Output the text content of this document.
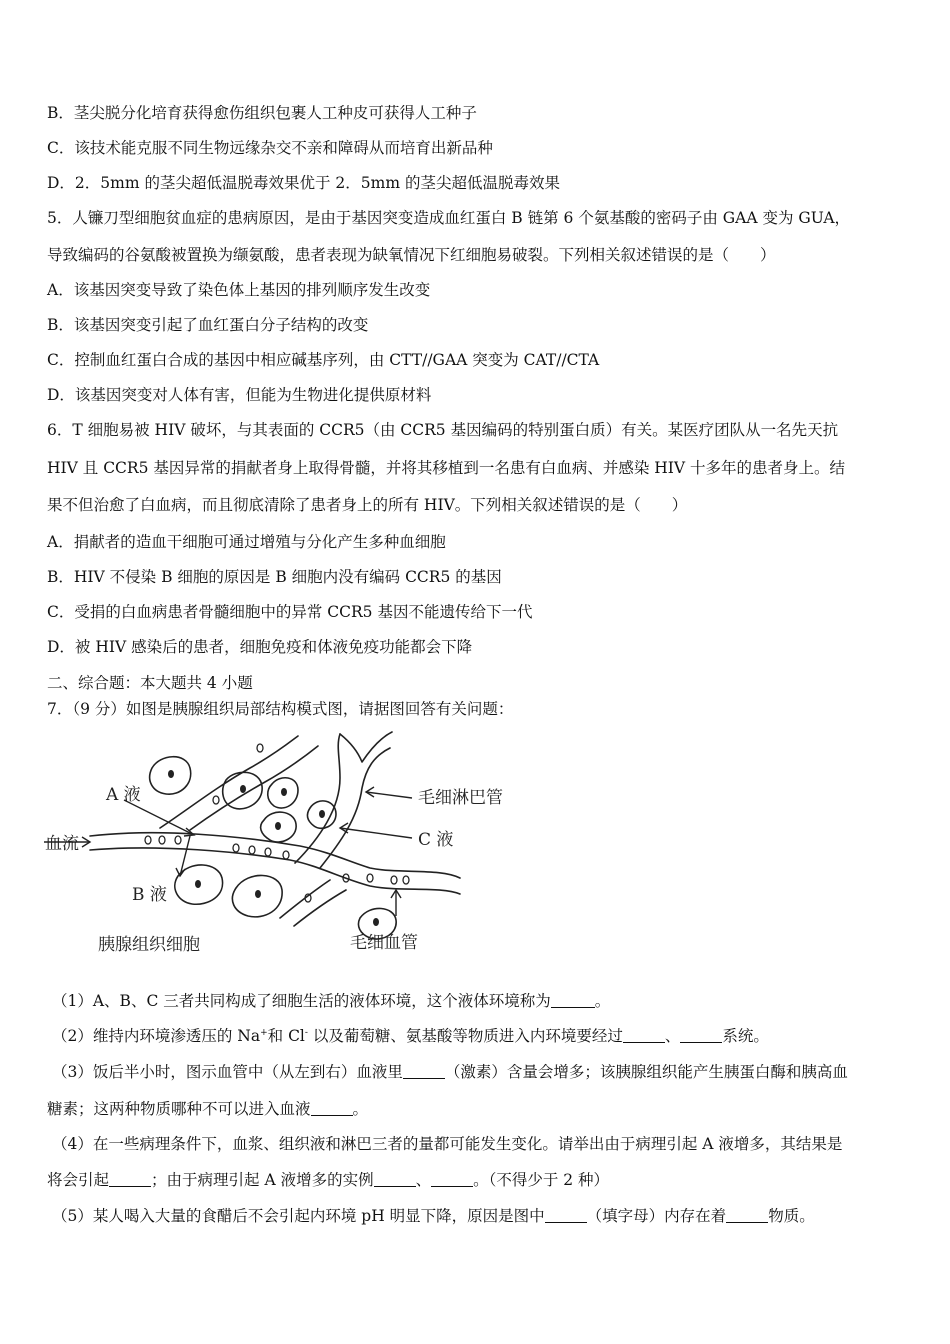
B．茎尖脱分化培育获得愈伤组织包裹人工种皮可获得人工种子
C．该技术能克服不同生物远缘杂交不亲和障碍从而培育出新品种
D．2．5mm 的茎尖超低温脱毒效果优于 2．5mm 的茎尖超低温脱毒效果
5．人镰刀型细胞贫血症的患病原因，是由于基因突变造成血红蛋白 B 链第 6 个氨基酸的密码子由 GAA 变为 GUA，
导致编码的谷氨酸被置换为缬氨酸，患者表现为缺氧情况下红细胞易破裂。下列相关叙述错误的是（　　）
A．该基因突变导致了染色体上基因的排列顺序发生改变
B．该基因突变引起了血红蛋白分子结构的改变
C．控制血红蛋白合成的基因中相应碱基序列，由 CTT//GAA 突变为 CAT//CTA
D．该基因突变对人体有害，但能为生物进化提供原材料
6．T 细胞易被 HIV 破坏，与其表面的 CCR5（由 CCR5 基因编码的特别蛋白质）有关。某医疗团队从一名先天抗
HIV 且 CCR5 基因异常的捐献者身上取得骨髓，并将其移植到一名患有白血病、并感染 HIV 十多年的患者身上。结
果不但治愈了白血病，而且彻底清除了患者身上的所有 HIV。下列相关叙述错误的是（　　）
A．捐献者的造血干细胞可通过增殖与分化产生多种血细胞
B．HIV 不侵染 B 细胞的原因是 B 细胞内没有编码 CCR5 的基因
C．受捐的白血病患者骨髓细胞中的异常 CCR5 基因不能遗传给下一代
D．被 HIV 感染后的患者，细胞免疫和体液免疫功能都会下降
二、综合题：本大题共 4 小题
7．（9 分）如图是胰腺组织局部结构模式图，请据图回答有关问题：
A 液
血流
B 液
毛细淋巴管
C 液
毛细血管
胰腺组织细胞
（1）A、B、C 三者共同构成了细胞生活的液体环境，这个液体环境称为	。
（2）维持内环境渗透压的 Na+和 Cl- 以及葡萄糖、氨基酸等物质进入内环境要经过	、	系统。
（3）饭后半小时，图示血管中（从左到右）血液里	（激素）含量会增多；该胰腺组织能产生胰蛋白酶和胰高血
糖素；这两种物质哪种不可以进入血液	。
（4）在一些病理条件下，血浆、组织液和淋巴三者的量都可能发生变化。请举出由于病理引起 A 液增多，其结果是
将会引起	；由于病理引起 A 液增多的实例	、	。（不得少于 2 种）
（5）某人喝入大量的食醋后不会引起内环境 pH 明显下降，原因是图中	（填字母）内存在着	物质。
